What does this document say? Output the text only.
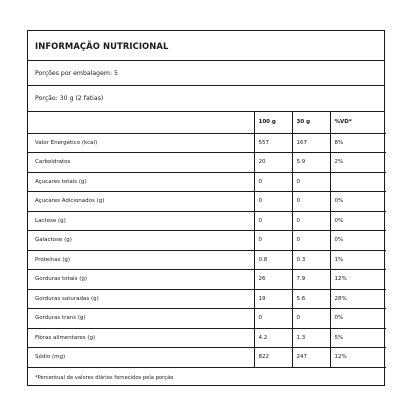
INFORMAÇÃO NUTRICIONAL
Porções por embalagem: 5
Porção: 30 g (2 fatias)
	100 g	30 g	%VD*
Valor Energético (kcal)	557	167	8%
Carboidratos	20	5.9	2%
Açucares totais (g)	0	0	
Açucares Adicionados (g)	0	0	0%
Lactose (g)	0	0	0%
Galactose (g)	0	0	0%
Proteínas (g)	0.8	0.3	1%
Gorduras totais (g)	26	7.9	12%
Gorduras saturadas (g)	19	5.6	28%
Gorduras trans (g)	0	0	0%
Fibras alimentares (g)	4.2	1.3	5%
Sódio (mg)	822	247	12%
*Percentual de valores diários fornecidos pela porção
